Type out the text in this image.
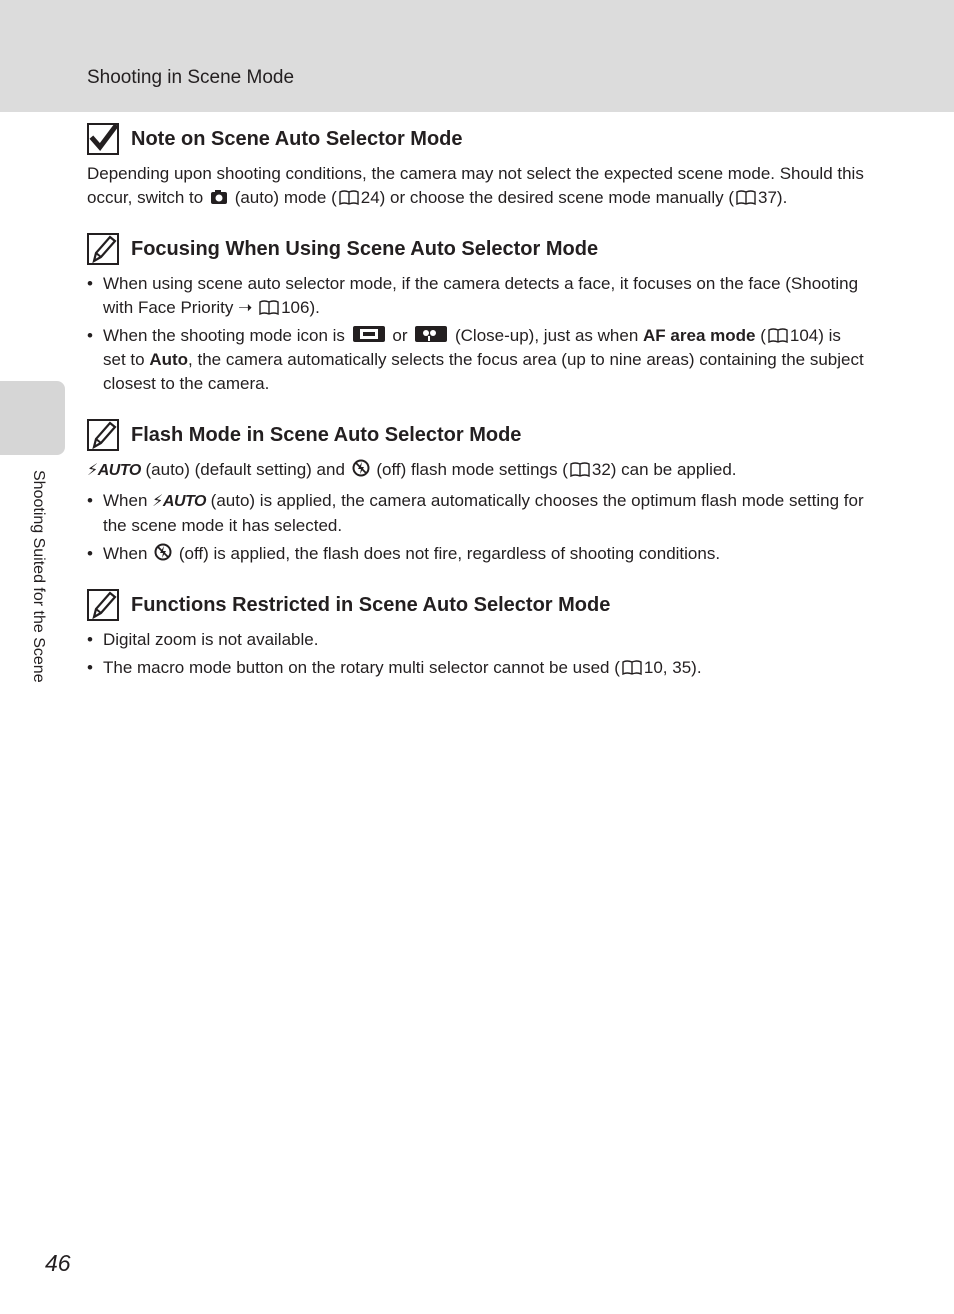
Shooting in Scene Mode
Shooting Suited for the Scene
Note on Scene Auto Selector Mode

Depending upon shooting conditions, the camera may not select the expected scene mode. Should this occur, switch to (auto) mode ( 24) or choose the desired scene mode manually ( 37).

Focusing When Using Scene Auto Selector Mode
• When using scene auto selector mode, if the camera detects a face, it focuses on the face (Shooting with Face Priority ➝ 106).
• When the shooting mode icon is	or	(Close-up), just as when AF area mode ( 104) is set to Auto, the camera automatically selects the focus area (up to nine areas) containing the subject closest to the camera.
Flash Mode in Scene Auto Selector Mode

⚡AUTO (auto) (default setting) and (off) flash mode settings ( 32) can be applied.

• When ⚡AUTO (auto) is applied, the camera automatically chooses the optimum flash mode setting for the scene mode it has selected.
• When (off) is applied, the flash does not fire, regardless of shooting conditions.
Functions Restricted in Scene Auto Selector Mode
• Digital zoom is not available.
• The macro mode button on the rotary multi selector cannot be used ( 10, 35).
46
